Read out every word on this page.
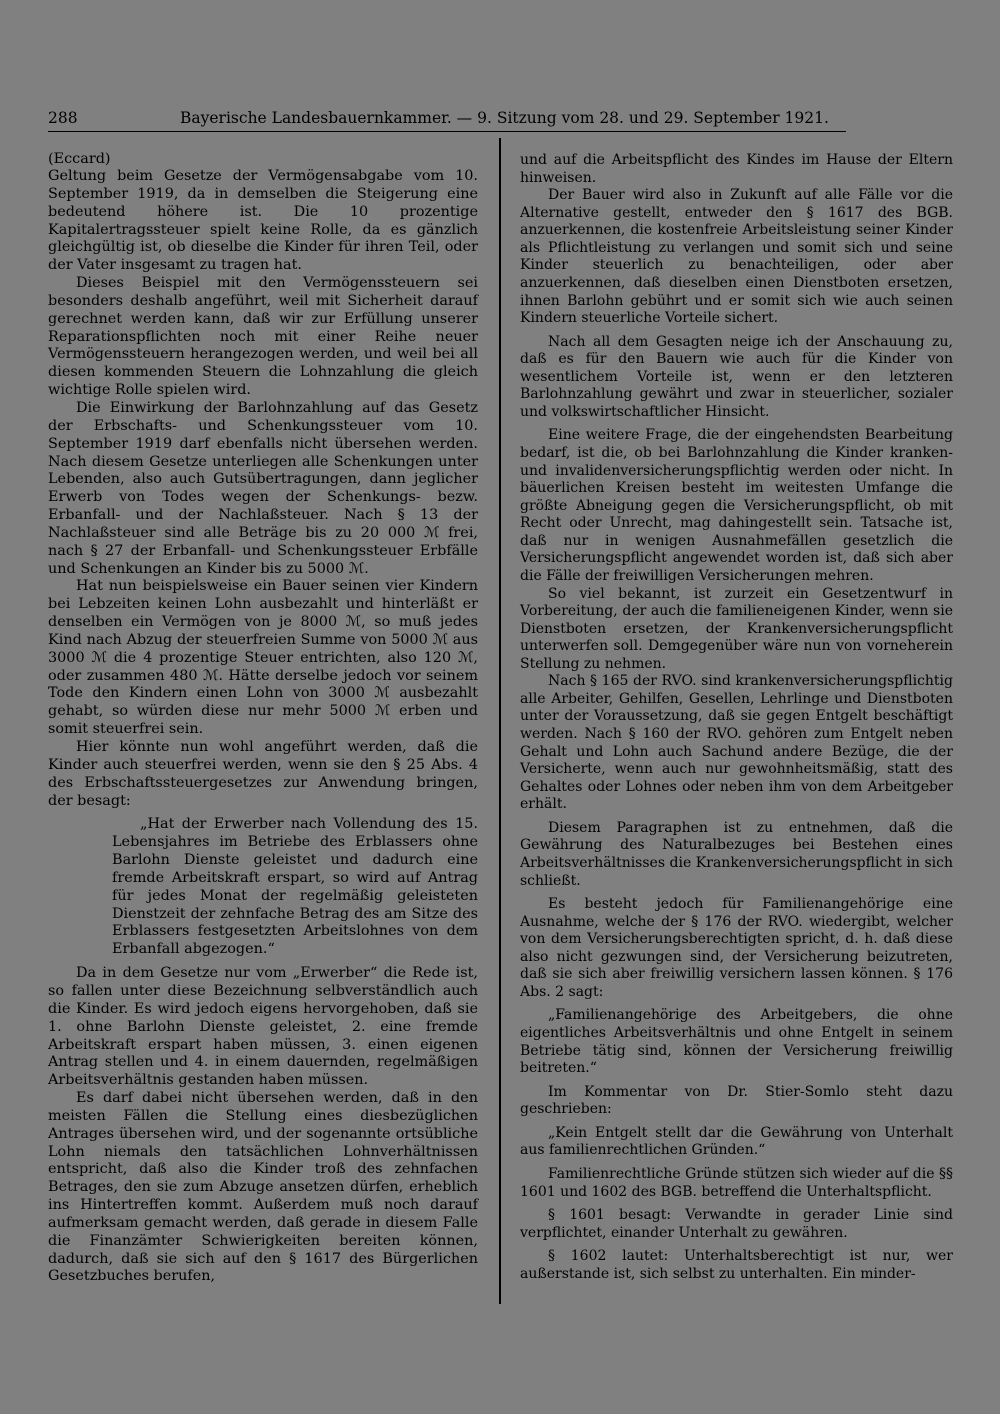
288	Bayerische Landesbauernkammer. — 9. Sitzung vom 28. und 29. September 1921.

(Eccard)

Geltung beim Gesetze der Vermögensabgabe vom 10. September 1919, da in demselben die Steigerung eine bedeutend höhere ist. Die 10 prozentige Kapitalertragssteuer spielt keine Rolle, da es gänzlich gleichgültig ist, ob dieselbe die Kinder für ihren Teil, oder der Vater insgesamt zu tragen hat.

Dieses Beispiel mit den Vermögenssteuern sei besonders deshalb angeführt, weil mit Sicherheit darauf gerechnet werden kann, daß wir zur Erfüllung unserer Reparationspflichten noch mit einer Reihe neuer Vermögenssteuern herangezogen werden, und weil bei all diesen kommenden Steuern die Lohnzahlung die gleich wichtige Rolle spielen wird.

Die Einwirkung der Barlohnzahlung auf das Gesetz der Erbschafts- und Schenkungssteuer vom 10. September 1919 darf ebenfalls nicht übersehen werden. Nach diesem Gesetze unterliegen alle Schenkungen unter Lebenden, also auch Gutsübertragungen, dann jeglicher Erwerb von Todes wegen der Schenkungs- bezw. Erbanfall- und der Nachlaßsteuer. Nach § 13 der Nachlaßsteuer sind alle Beträge bis zu 20 000 ℳ frei, nach § 27 der Erbanfall- und Schenkungssteuer Erbfälle und Schenkungen an Kinder bis zu 5000 ℳ.

Hat nun beispielsweise ein Bauer seinen vier Kindern bei Lebzeiten keinen Lohn ausbezahlt und hinterläßt er denselben ein Vermögen von je 8000 ℳ, so muß jedes Kind nach Abzug der steuerfreien Summe von 5000 ℳ aus 3000 ℳ die 4 prozentige Steuer entrichten, also 120 ℳ, oder zusammen 480 ℳ. Hätte derselbe jedoch vor seinem Tode den Kindern einen Lohn von 3000 ℳ ausbezahlt gehabt, so würden diese nur mehr 5000 ℳ erben und somit steuerfrei sein.

Hier könnte nun wohl angeführt werden, daß die Kinder auch steuerfrei werden, wenn sie den § 25 Abs. 4 des Erbschaftssteuergesetzes zur Anwendung bringen, der besagt:

„Hat der Erwerber nach Vollendung des 15. Lebensjahres im Betriebe des Erblassers ohne Barlohn Dienste geleistet und dadurch eine fremde Arbeitskraft erspart, so wird auf Antrag für jedes Monat der regelmäßig geleisteten Dienstzeit der zehnfache Betrag des am Sitze des Erblassers festgesetzten Arbeitslohnes von dem Erbanfall abgezogen.“

Da in dem Gesetze nur vom „Erwerber“ die Rede ist, so fallen unter diese Bezeichnung selbverständlich auch die Kinder. Es wird jedoch eigens hervorgehoben, daß sie 1. ohne Barlohn Dienste geleistet, 2. eine fremde Arbeitskraft erspart haben müssen, 3. einen eigenen Antrag stellen und 4. in einem dauernden, regelmäßigen Arbeitsverhältnis gestanden haben müssen.

Es darf dabei nicht übersehen werden, daß in den meisten Fällen die Stellung eines diesbezüglichen Antrages übersehen wird, und der sogenannte ortsübliche Lohn niemals den tatsächlichen Lohnverhältnissen entspricht, daß also die Kinder troß des zehnfachen Betrages, den sie zum Abzuge ansetzen dürfen, erheblich ins Hintertreffen kommt. Außerdem muß noch darauf aufmerksam gemacht werden, daß gerade in diesem Falle die Finanzämter Schwierigkeiten bereiten können, dadurch, daß sie sich auf den § 1617 des Bürgerlichen Gesetzbuches berufen,

und auf die Arbeitspflicht des Kindes im Hause der Eltern hinweisen.

Der Bauer wird also in Zukunft auf alle Fälle vor die Alternative gestellt, entweder den § 1617 des BGB. anzuerkennen, die kostenfreie Arbeitsleistung seiner Kinder als Pflichtleistung zu verlangen und somit sich und seine Kinder steuerlich zu benachteiligen, oder aber anzuerkennen, daß dieselben einen Dienstboten ersetzen, ihnen Barlohn gebührt und er somit sich wie auch seinen Kindern steuerliche Vorteile sichert.

Nach all dem Gesagten neige ich der Anschauung zu, daß es für den Bauern wie auch für die Kinder von wesentlichem Vorteile ist, wenn er den letzteren Barlohnzahlung gewährt und zwar in steuerlicher, sozialer und volkswirtschaftlicher Hinsicht.

Eine weitere Frage, die der eingehendsten Bearbeitung bedarf, ist die, ob bei Barlohnzahlung die Kinder kranken- und invalidenversicherungspflichtig werden oder nicht. In bäuerlichen Kreisen besteht im weitesten Umfange die größte Abneigung gegen die Versicherungspflicht, ob mit Recht oder Unrecht, mag dahingestellt sein. Tatsache ist, daß nur in wenigen Ausnahmefällen gesetzlich die Versicherungspflicht angewendet worden ist, daß sich aber die Fälle der freiwilligen Versicherungen mehren.

So viel bekannt, ist zurzeit ein Gesetzentwurf in Vorbereitung, der auch die familieneigenen Kinder, wenn sie Dienstboten ersetzen, der Krankenversicherungspflicht unterwerfen soll. Demgegenüber wäre nun von vorneherein Stellung zu nehmen.

Nach § 165 der RVO. sind krankenversicherungspflichtig alle Arbeiter, Gehilfen, Gesellen, Lehrlinge und Dienstboten unter der Voraussetzung, daß sie gegen Entgelt beschäftigt werden. Nach § 160 der RVO. gehören zum Entgelt neben Gehalt und Lohn auch Sachund andere Bezüge, die der Versicherte, wenn auch nur gewohnheitsmäßig, statt des Gehaltes oder Lohnes oder neben ihm von dem Arbeitgeber erhält.

Diesem Paragraphen ist zu entnehmen, daß die Gewährung des Naturalbezuges bei Bestehen eines Arbeitsverhältnisses die Krankenversicherungspflicht in sich schließt.

Es besteht jedoch für Familienangehörige eine Ausnahme, welche der § 176 der RVO. wiedergibt, welcher von dem Versicherungsberechtigten spricht, d. h. daß diese also nicht gezwungen sind, der Versicherung beizutreten, daß sie sich aber freiwillig versichern lassen können. § 176 Abs. 2 sagt:

„Familienangehörige des Arbeitgebers, die ohne eigentliches Arbeitsverhältnis und ohne Entgelt in seinem Betriebe tätig sind, können der Versicherung freiwillig beitreten.“

Im Kommentar von Dr. Stier-Somlo steht dazu geschrieben:

„Kein Entgelt stellt dar die Gewährung von Unterhalt aus familienrechtlichen Gründen.“

Familienrechtliche Gründe stützen sich wieder auf die §§ 1601 und 1602 des BGB. betreffend die Unterhaltspflicht.

§ 1601 besagt: Verwandte in gerader Linie sind verpflichtet, einander Unterhalt zu gewähren.

§ 1602 lautet: Unterhaltsberechtigt ist nur, wer außerstande ist, sich selbst zu unterhalten. Ein minder-
